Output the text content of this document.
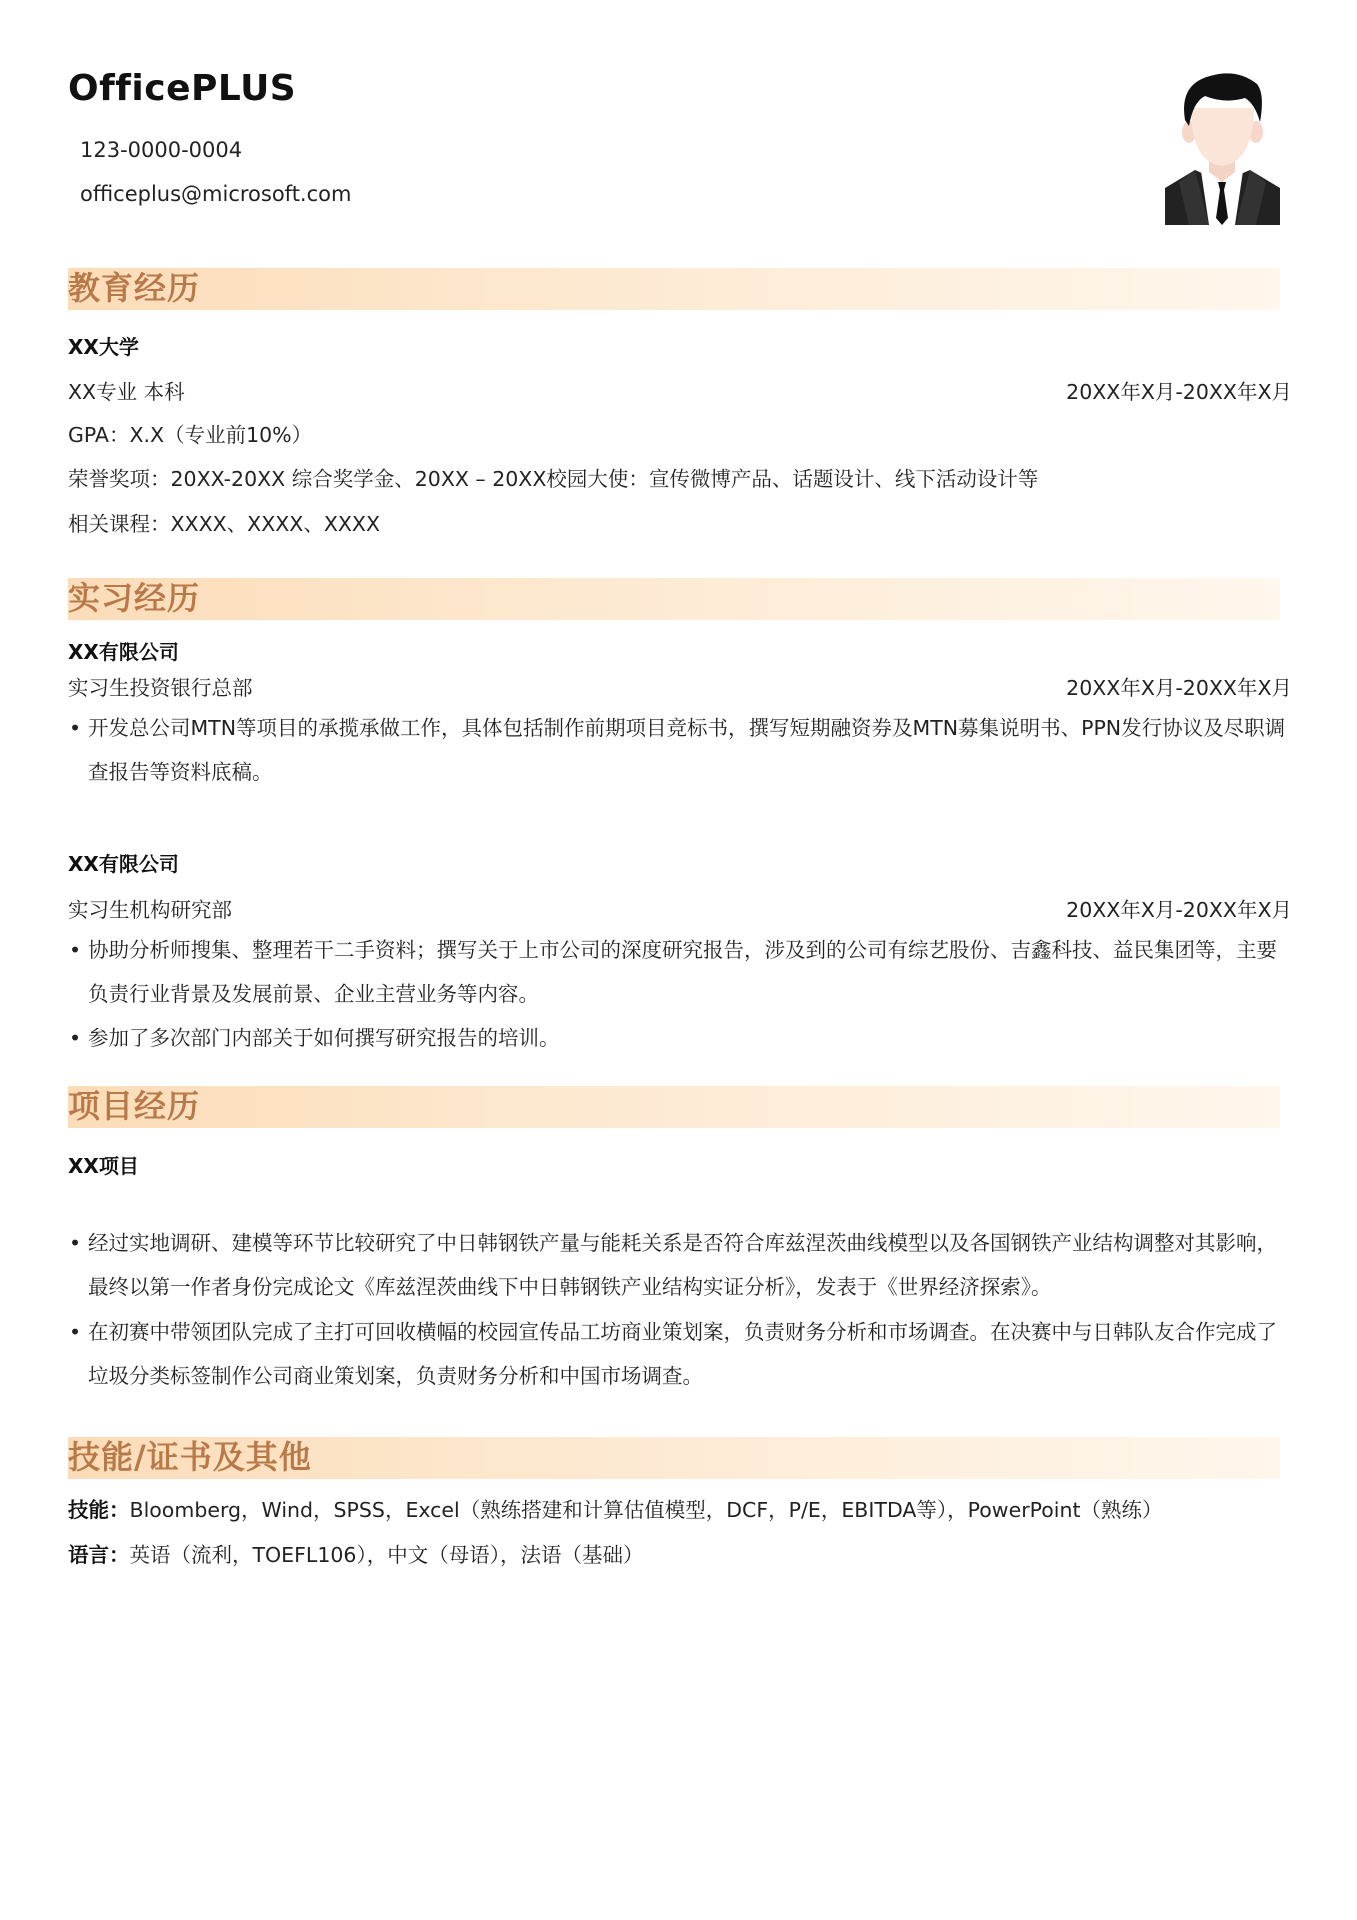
OfficePLUS

123-0000-0004

officeplus@microsoft.com

教育经历

XX大学

XX专业 本科	20XX年X月-20XX年X月

GPA：X.X（专业前10%）

荣誉奖项：20XX-20XX 综合奖学金、20XX – 20XX校园大使：宣传微博产品、话题设计、线下活动设计等

相关课程：XXXX、XXXX、XXXX

实习经历

XX有限公司

实习生投资银行总部	20XX年X月-20XX年X月

• 开发总公司MTN等项目的承揽承做工作，具体包括制作前期项目竞标书，撰写短期融资券及MTN募集说明书、PPN发行协议及尽职调查报告等资料底稿。

XX有限公司

实习生机构研究部	20XX年X月-20XX年X月

• 协助分析师搜集、整理若干二手资料；撰写关于上市公司的深度研究报告，涉及到的公司有综艺股份、吉鑫科技、益民集团等，主要负责行业背景及发展前景、企业主营业务等内容。
• 参加了多次部门内部关于如何撰写研究报告的培训。
项目经历

XX项目

• 经过实地调研、建模等环节比较研究了中日韩钢铁产量与能耗关系是否符合库兹涅茨曲线模型以及各国钢铁产业结构调整对其影响，最终以第一作者身份完成论文《库兹涅茨曲线下中日韩钢铁产业结构实证分析》，发表于《世界经济探索》。
• 在初赛中带领团队完成了主打可回收横幅的校园宣传品工坊商业策划案，负责财务分析和市场调查。在决赛中与日韩队友合作完成了垃圾分类标签制作公司商业策划案，负责财务分析和中国市场调查。
技能/证书及其他

技能：Bloomberg，Wind，SPSS，Excel（熟练搭建和计算估值模型，DCF，P/E，EBITDA等），PowerPoint（熟练）

语言：英语（流利，TOEFL106），中文（母语），法语（基础）
